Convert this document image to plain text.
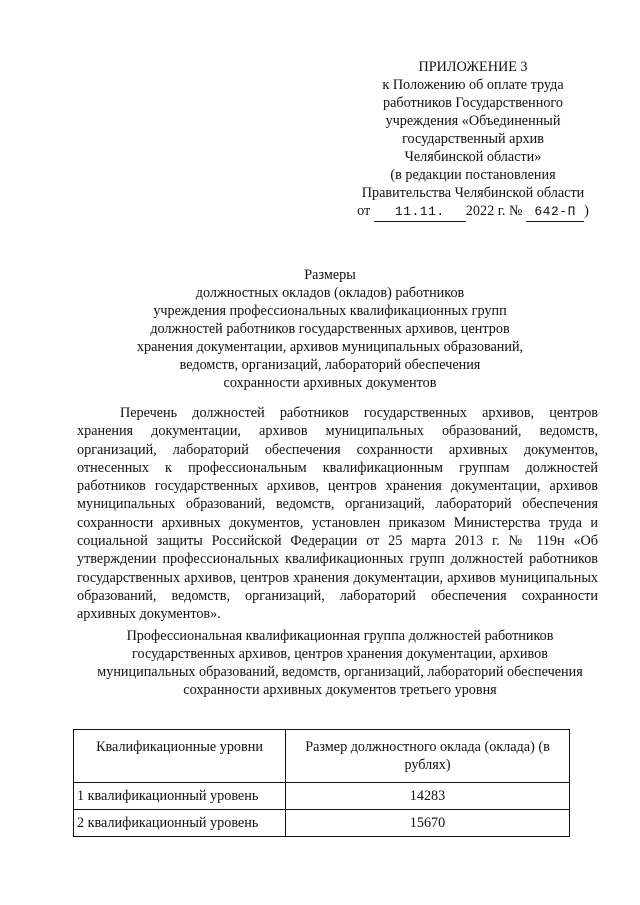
ПРИЛОЖЕНИЕ 3
к Положению об оплате труда
работников Государственного
учреждения «Объединенный
государственный архив
Челябинской области»
(в редакции постановления
Правительства Челябинской области
от 11.11. 2022 г. № 642-П )
Размеры
должностных окладов (окладов) работников
учреждения профессиональных квалификационных групп
должностей работников государственных архивов, центров
хранения документации, архивов муниципальных образований,
ведомств, организаций, лабораторий обеспечения
сохранности архивных документов

Перечень должностей работников государственных архивов, центров хранения документации, архивов муниципальных образований, ведомств, организаций, лабораторий обеспечения сохранности архивных документов, отнесенных к профессиональным квалификационным группам должностей работников государственных архивов, центров хранения документации, архивов муниципальных образований, ведомств, организаций, лабораторий обеспечения сохранности архивных документов, установлен приказом Министерства труда и социальной защиты Российской Федерации от 25 марта 2013 г. № 119н «Об утверждении профессиональных квалификационных групп должностей работников государственных архивов, центров хранения документации, архивов муниципальных образований, ведомств, организаций, лабораторий обеспечения сохранности архивных документов».

Профессиональная квалификационная группа должностей работников
государственных архивов, центров хранения документации, архивов
муниципальных образований, ведомств, организаций, лабораторий обеспечения
сохранности архивных документов третьего уровня
Квалификационные уровни	Размер должностного оклада (оклада) (в рублях)
1 квалификационный уровень	14283
2 квалификационный уровень	15670
